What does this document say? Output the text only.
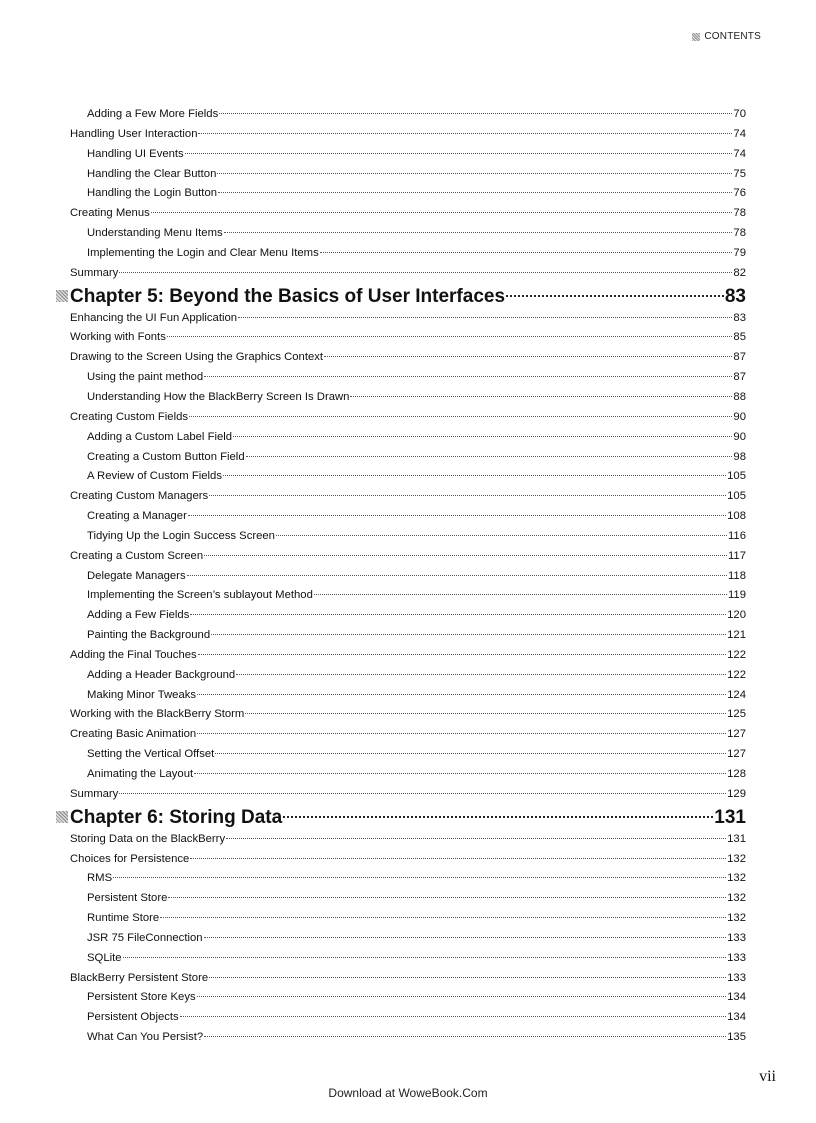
CONTENTS
Adding a Few More Fields	70
Handling User Interaction	74
Handling UI Events	74
Handling the Clear Button	75
Handling the Login Button	76
Creating Menus	78
Understanding Menu Items	78
Implementing the Login and Clear Menu Items	79
Summary	82
Chapter 5: Beyond the Basics of User Interfaces	83
Enhancing the UI Fun Application	83
Working with Fonts	85
Drawing to the Screen Using the Graphics Context	87
Using the paint method	87
Understanding How the BlackBerry Screen Is Drawn	88
Creating Custom Fields	90
Adding a Custom Label Field	90
Creating a Custom Button Field	98
A Review of Custom Fields	105
Creating Custom Managers	105
Creating a Manager	108
Tidying Up the Login Success Screen	116
Creating a Custom Screen	117
Delegate Managers	118
Implementing the Screen’s sublayout Method	119
Adding a Few Fields	120
Painting the Background	121
Adding the Final Touches	122
Adding a Header Background	122
Making Minor Tweaks	124
Working with the BlackBerry Storm	125
Creating Basic Animation	127
Setting the Vertical Offset	127
Animating the Layout	128
Summary	129
Chapter 6: Storing Data	131
Storing Data on the BlackBerry	131
Choices for Persistence	132
RMS	132
Persistent Store	132
Runtime Store	132
JSR 75 FileConnection	133
SQLite	133
BlackBerry Persistent Store	133
Persistent Store Keys	134
Persistent Objects	134
What Can You Persist?	135
vii
Download at WoweBook.Com
